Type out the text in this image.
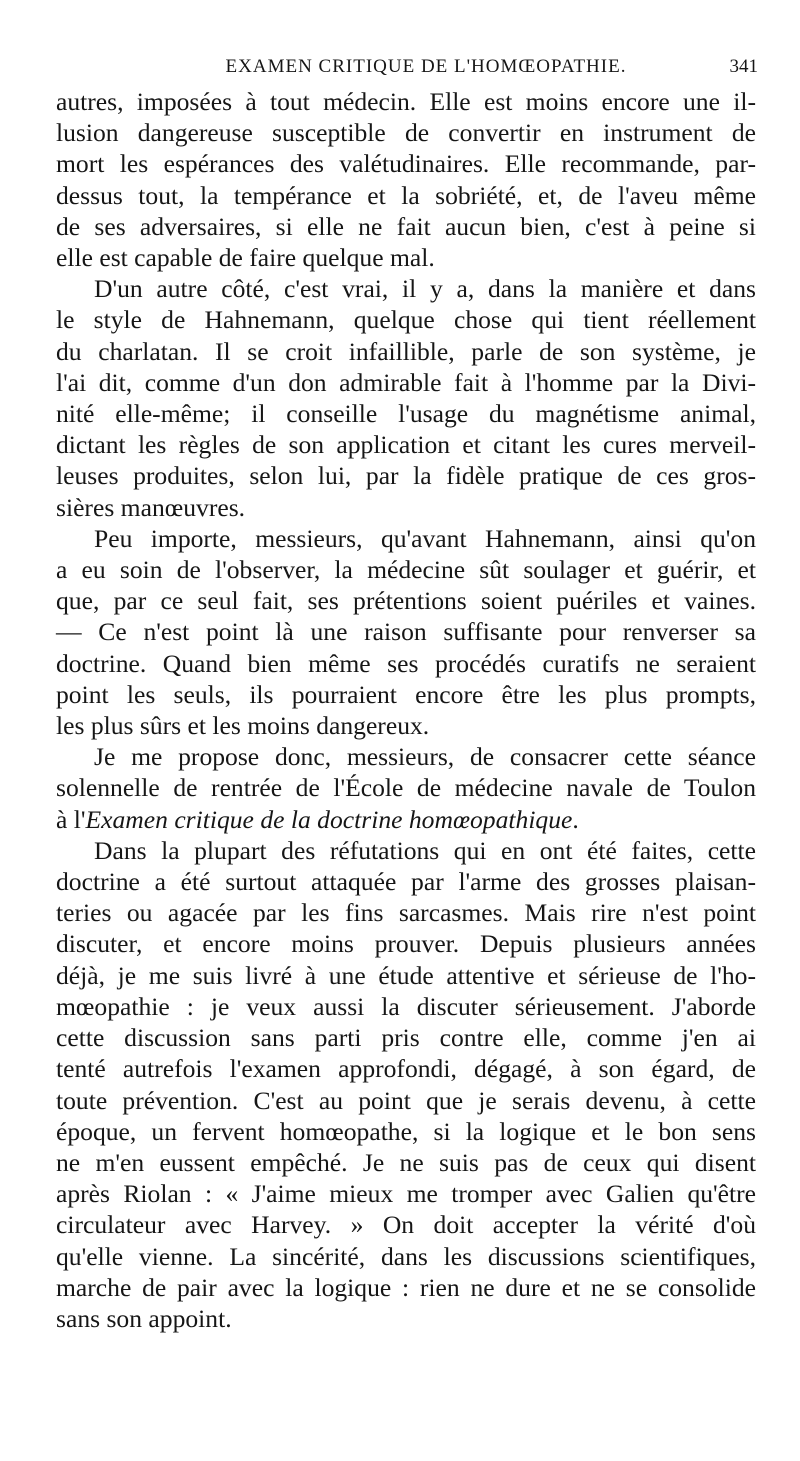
EXAMEN CRITIQUE DE L'HOMŒOPATHIE.	341

autres, imposées à tout médecin. Elle est moins encore une il-
lusion dangereuse susceptible de convertir en instrument de
mort les espérances des valétudinaires. Elle recommande, par-
dessus tout, la tempérance et la sobriété, et, de l'aveu même
de ses adversaires, si elle ne fait aucun bien, c'est à peine si
elle est capable de faire quelque mal.

D'un autre côté, c'est vrai, il y a, dans la manière et dans
le style de Hahnemann, quelque chose qui tient réellement
du charlatan. Il se croit infaillible, parle de son système, je
l'ai dit, comme d'un don admirable fait à l'homme par la Divi-
nité elle-même; il conseille l'usage du magnétisme animal,
dictant les règles de son application et citant les cures merveil-
leuses produites, selon lui, par la fidèle pratique de ces gros-
sières manœuvres.

Peu importe, messieurs, qu'avant Hahnemann, ainsi qu'on
a eu soin de l'observer, la médecine sût soulager et guérir, et
que, par ce seul fait, ses prétentions soient puériles et vaines.
— Ce n'est point là une raison suffisante pour renverser sa
doctrine. Quand bien même ses procédés curatifs ne seraient
point les seuls, ils pourraient encore être les plus prompts,
les plus sûrs et les moins dangereux.

Je me propose donc, messieurs, de consacrer cette séance
solennelle de rentrée de l'École de médecine navale de Toulon
à l'Examen critique de la doctrine homœopathique.

Dans la plupart des réfutations qui en ont été faites, cette
doctrine a été surtout attaquée par l'arme des grosses plaisan-
teries ou agacée par les fins sarcasmes. Mais rire n'est point
discuter, et encore moins prouver. Depuis plusieurs années
déjà, je me suis livré à une étude attentive et sérieuse de l'ho-
mœopathie : je veux aussi la discuter sérieusement. J'aborde
cette discussion sans parti pris contre elle, comme j'en ai
tenté autrefois l'examen approfondi, dégagé, à son égard, de
toute prévention. C'est au point que je serais devenu, à cette
époque, un fervent homœopathe, si la logique et le bon sens
ne m'en eussent empêché. Je ne suis pas de ceux qui disent
après Riolan : « J'aime mieux me tromper avec Galien qu'être
circulateur avec Harvey. » On doit accepter la vérité d'où
qu'elle vienne. La sincérité, dans les discussions scientifiques,
marche de pair avec la logique : rien ne dure et ne se consolide
sans son appoint.
